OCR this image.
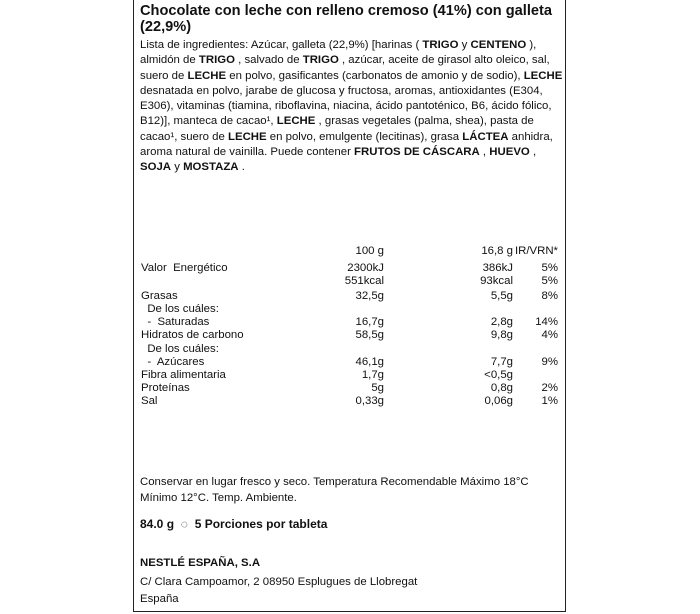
Chocolate con leche con relleno cremoso (41%) con galleta (22,9%)
Lista de ingredientes: Azúcar, galleta (22,9%) [harinas ( TRIGO y CENTENO ), almidón de TRIGO , salvado de TRIGO , azúcar, aceite de girasol alto oleico, sal, suero de LECHE en polvo, gasificantes (carbonatos de amonio y de sodio), LECHE desnatada en polvo, jarabe de glucosa y fructosa, aromas, antioxidantes (E304, E306), vitaminas (tiamina, riboflavina, niacina, ácido pantoténico, B6, ácido fólico, B12)], manteca de cacao¹, LECHE , grasas vegetales (palma, shea), pasta de cacao¹, suero de LECHE en polvo, emulgente (lecitinas), grasa LÁCTEA anhidra, aroma natural de vainilla. Puede contener FRUTOS DE CÁSCARA , HUEVO , SOJA y MOSTAZA .
100 g	16,8 g IR/VRN*
Valor  Energético	2300kJ	386kJ	5%
551kcal	93kcal	5%
Grasas	32,5g	5,5g	8%
De los cuáles:
-  Saturadas	16,7g	2,8g	14%
Hidratos de carbono	58,5g	9,8g	4%
De los cuáles:
-  Azúcares	46,1g	7,7g	9%
Fibra alimentaria	1,7g	<0,5g
Proteínas	5g	0,8g	2%
Sal	0,33g	0,06g	1%
Conservar en lugar fresco y seco. Temperatura Recomendable Máximo 18°C Mínimo 12°C. Temp. Ambiente.
84.0 g ◌ 5 Porciones por tableta
NESTLÉ ESPAÑA, S.A
C/ Clara Campoamor, 2 08950 Esplugues de Llobregat
España
